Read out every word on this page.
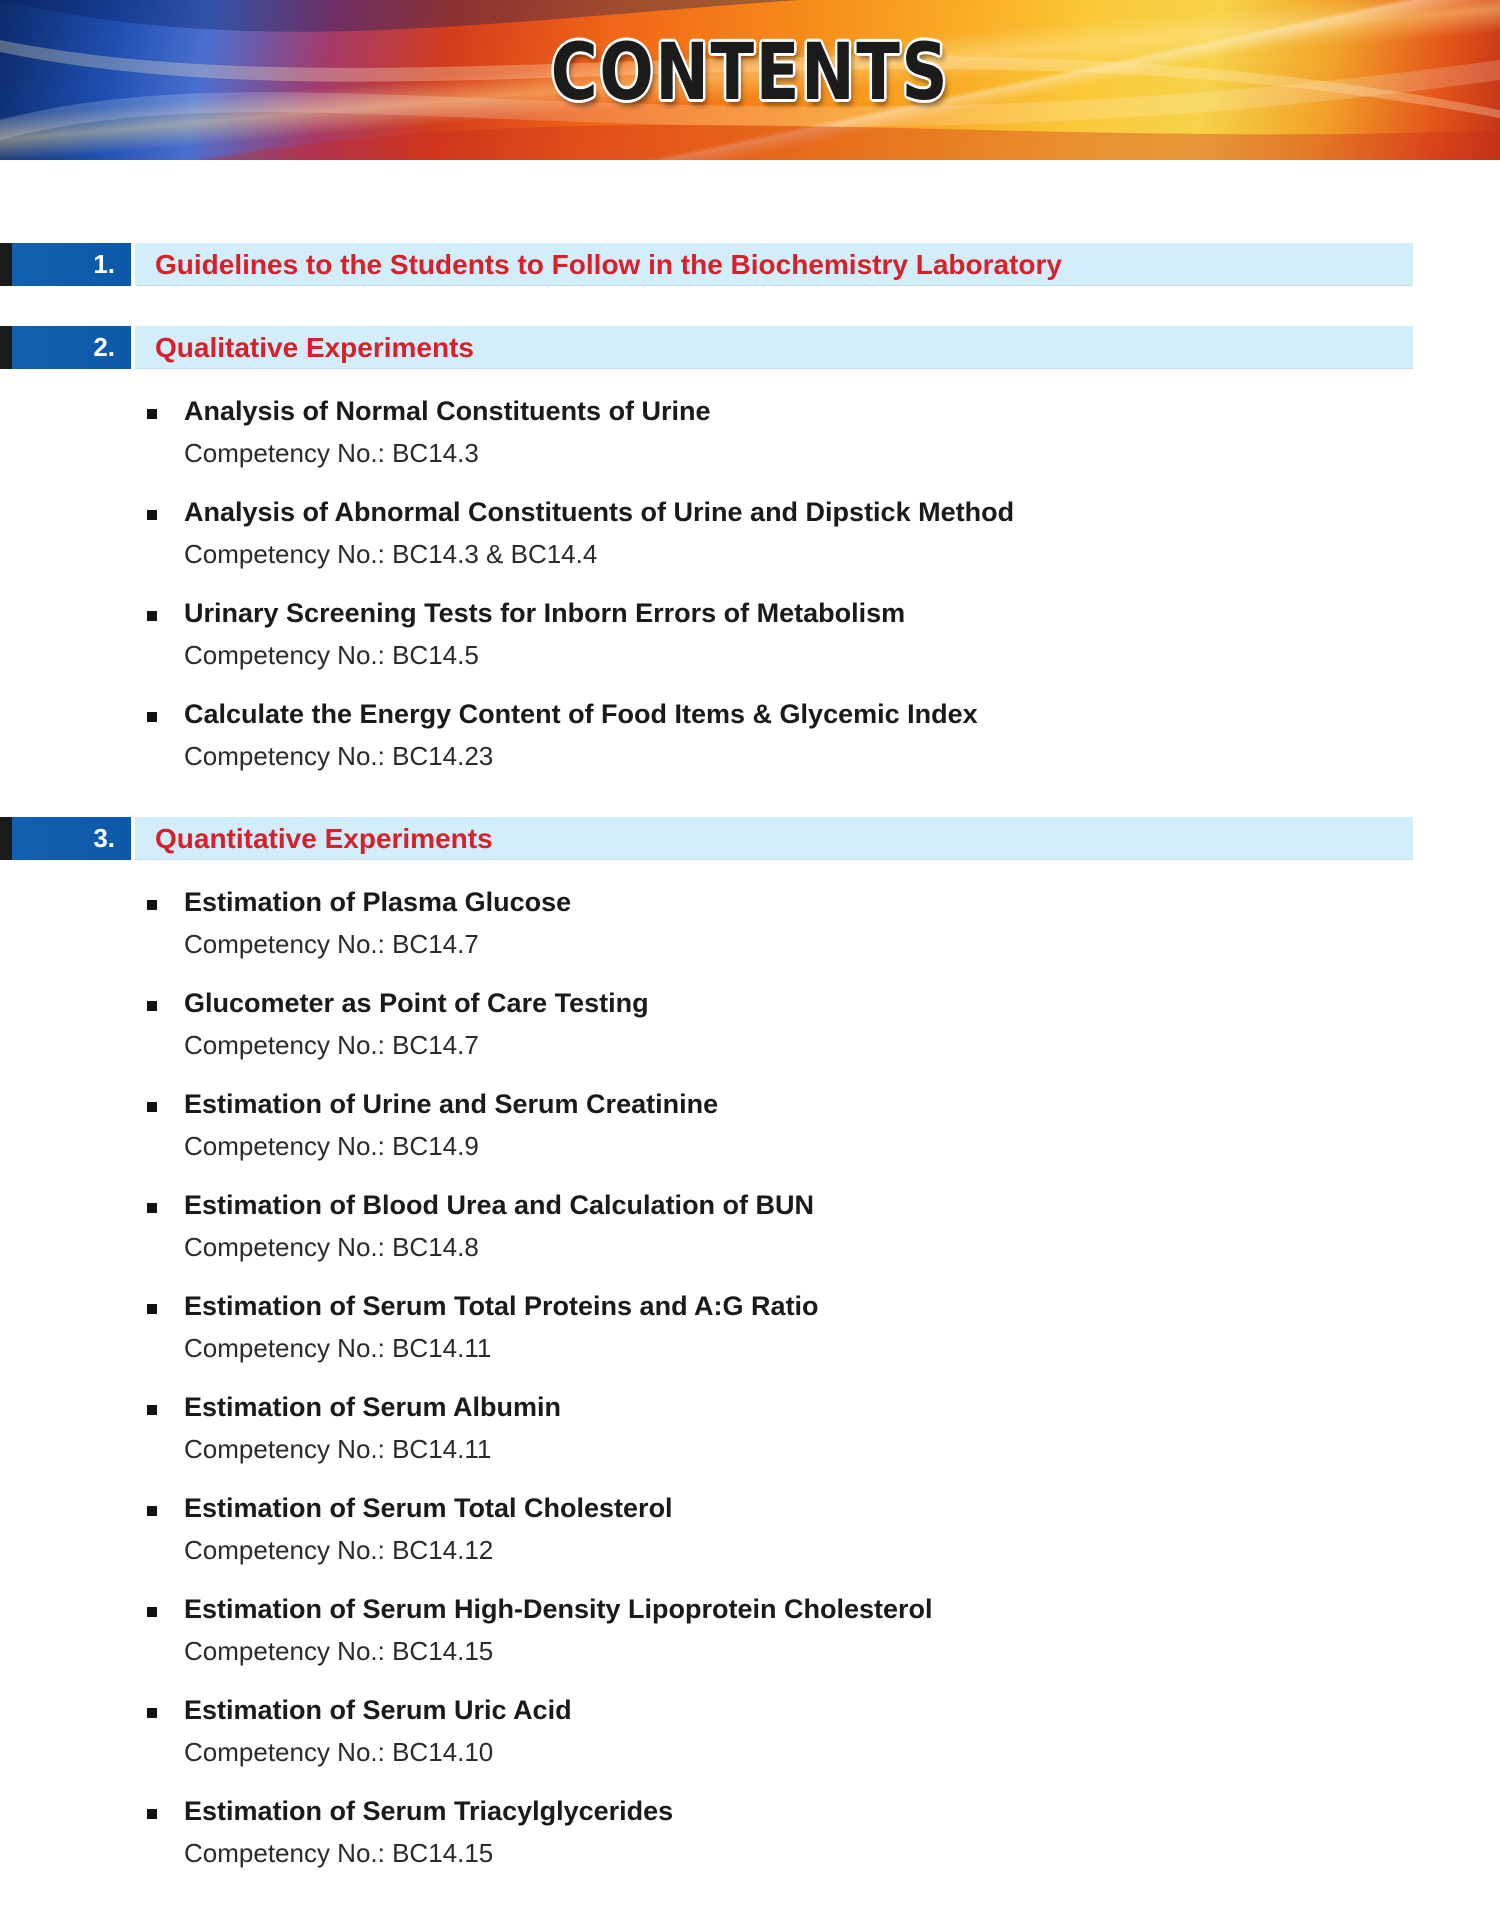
CONTENTS
1.	Guidelines to the Students to Follow in the Biochemistry Laboratory
2.	Qualitative Experiments
Analysis of Normal Constituents of Urine
Competency No.: BC14.3
Analysis of Abnormal Constituents of Urine and Dipstick Method
Competency No.: BC14.3 & BC14.4
Urinary Screening Tests for Inborn Errors of Metabolism
Competency No.: BC14.5
Calculate the Energy Content of Food Items & Glycemic Index
Competency No.: BC14.23
3.	Quantitative Experiments
Estimation of Plasma Glucose
Competency No.: BC14.7
Glucometer as Point of Care Testing
Competency No.: BC14.7
Estimation of Urine and Serum Creatinine
Competency No.: BC14.9
Estimation of Blood Urea and Calculation of BUN
Competency No.: BC14.8
Estimation of Serum Total Proteins and A:G Ratio
Competency No.: BC14.11
Estimation of Serum Albumin
Competency No.: BC14.11
Estimation of Serum Total Cholesterol
Competency No.: BC14.12
Estimation of Serum High-Density Lipoprotein Cholesterol
Competency No.: BC14.15
Estimation of Serum Uric Acid
Competency No.: BC14.10
Estimation of Serum Triacylglycerides
Competency No.: BC14.15
